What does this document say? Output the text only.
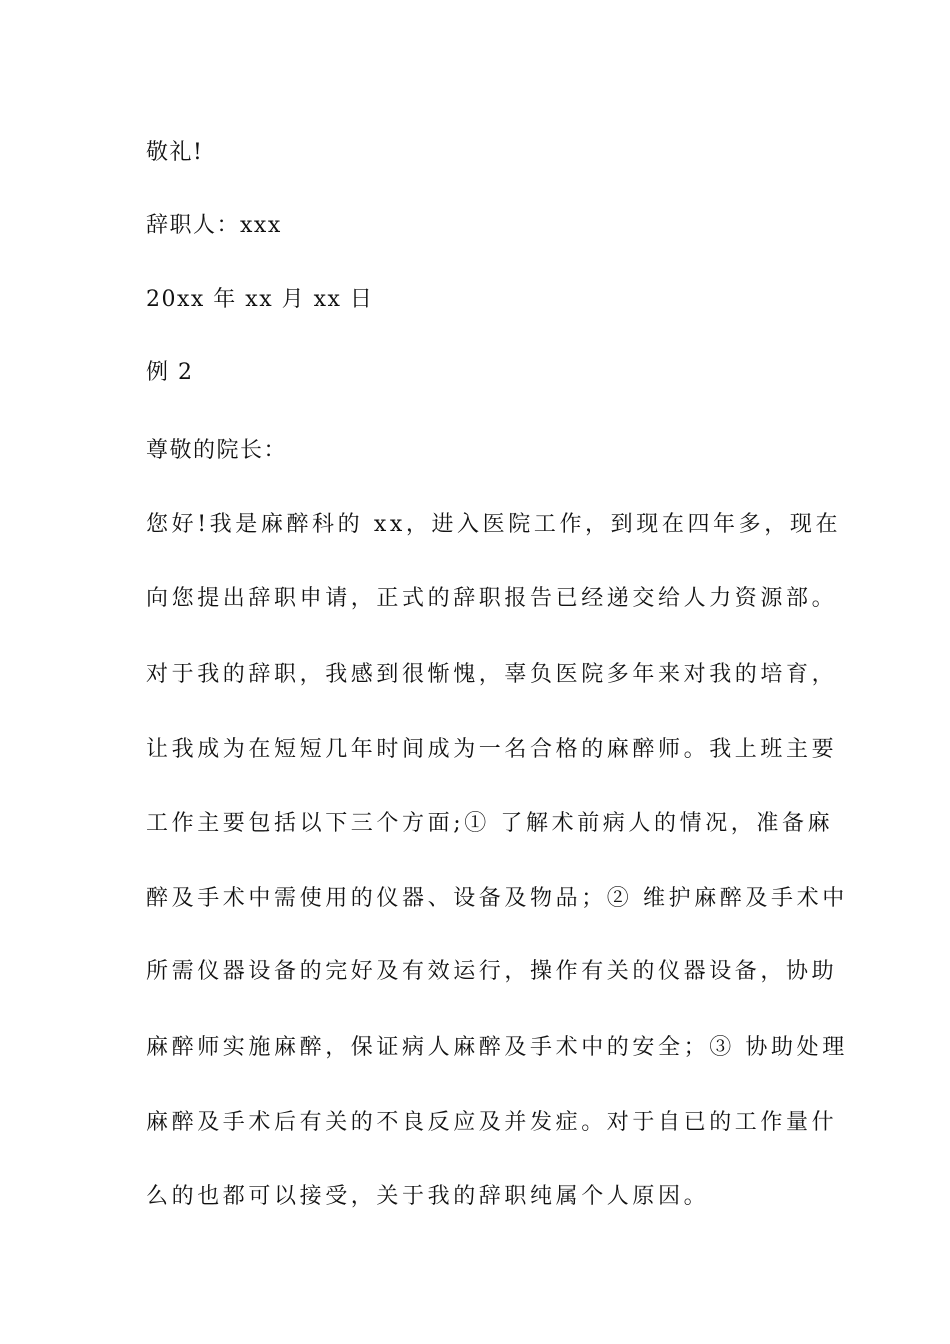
敬礼!
辞职人：xxx
20xx 年 xx 月 xx 日
例 2
尊敬的院长：
您好!我是麻醉科的 xx，进入医院工作，到现在四年多，现在
向您提出辞职申请，正式的辞职报告已经递交给人力资源部。
对于我的辞职，我感到很惭愧，辜负医院多年来对我的培育，
让我成为在短短几年时间成为一名合格的麻醉师。我上班主要
工作主要包括以下三个方面;① 了解术前病人的情况，准备麻
醉及手术中需使用的仪器、设备及物品；② 维护麻醉及手术中
所需仪器设备的完好及有效运行，操作有关的仪器设备，协助
麻醉师实施麻醉，保证病人麻醉及手术中的安全；③ 协助处理
麻醉及手术后有关的不良反应及并发症。对于自已的工作量什
么的也都可以接受，关于我的辞职纯属个人原因。
